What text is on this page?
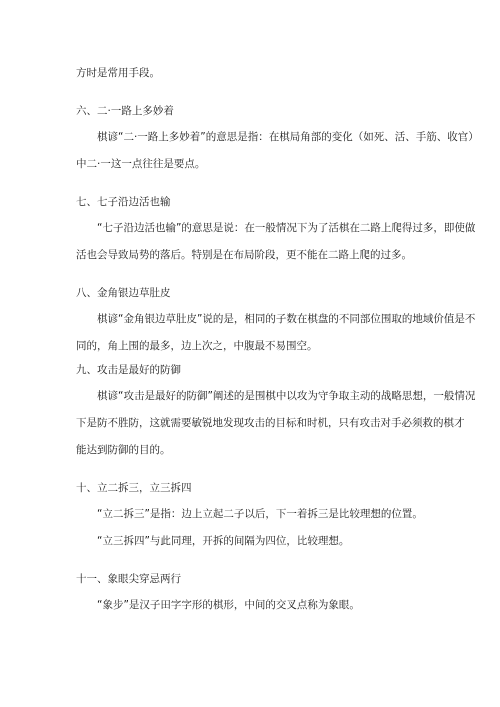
方时是常用手段。
六、二·一路上多妙着
棋谚“二·一路上多妙着”的意思是指：在棋局角部的变化（如死、活、手筋、收官）
中二·一这一点往往是要点。
七、七子沿边活也输
“七子沿边活也输”的意思是说：在一般情况下为了活棋在二路上爬得过多，即使做
活也会导致局势的落后。特别是在布局阶段，更不能在二路上爬的过多。
八、金角银边草肚皮
棋谚“金角银边草肚皮”说的是，相同的子数在棋盘的不同部位围取的地域价值是不
同的，角上围的最多，边上次之，中腹最不易围空。
九、攻击是最好的防御
棋谚“攻击是最好的防御”阐述的是围棋中以攻为守争取主动的战略思想，一般情况
下是防不胜防，这就需要敏锐地发现攻击的目标和时机，只有攻击对手必须救的棋才
能达到防御的目的。
十、立二拆三，立三拆四
“立二拆三”是指：边上立起二子以后，下一着拆三是比较理想的位置。
“立三拆四”与此同理，开拆的间隔为四位，比较理想。
十一、象眼尖穿忌两行
“象步”是汉子田字字形的棋形，中间的交叉点称为象眼。
